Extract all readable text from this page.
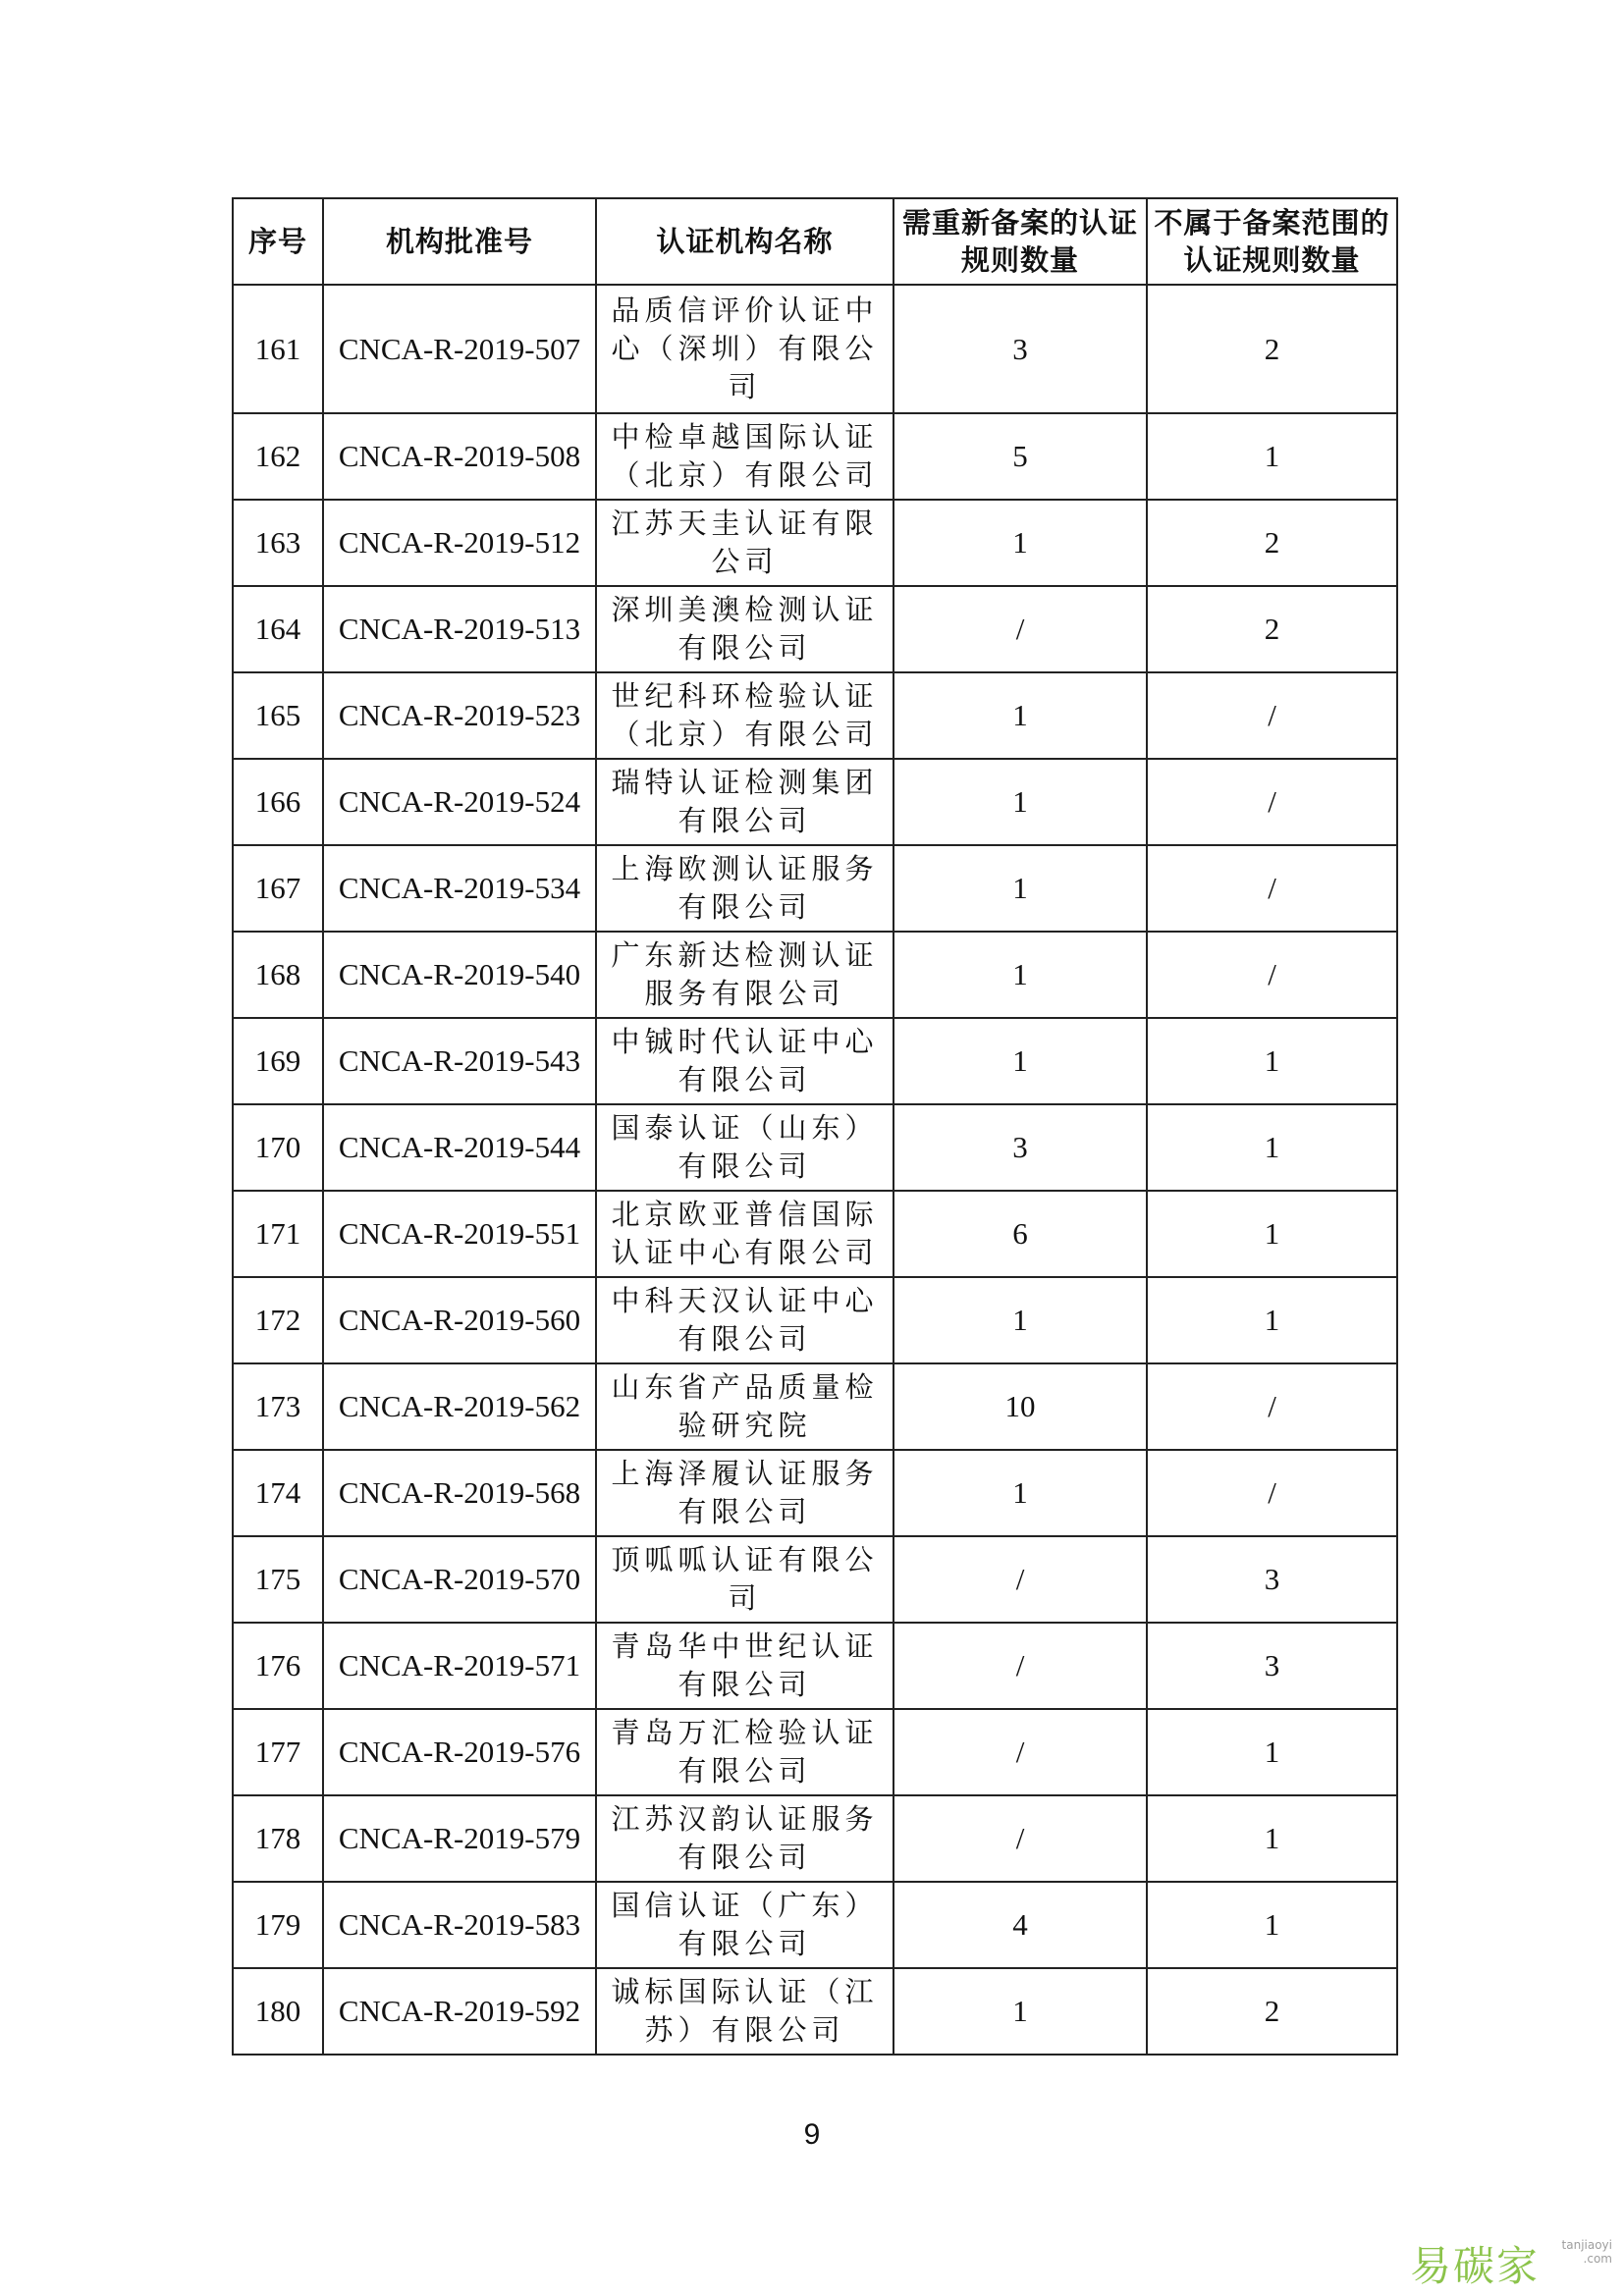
序号	机构批准号	认证机构名称	需重新备案的认证规则数量	不属于备案范围的认证规则数量
161	CNCA-R-2019-507	品质信评价认证中心（深圳）有限公司	3	2
162	CNCA-R-2019-508	中检卓越国际认证（北京）有限公司	5	1
163	CNCA-R-2019-512	江苏天圭认证有限公司	1	2
164	CNCA-R-2019-513	深圳美澳检测认证有限公司	/	2
165	CNCA-R-2019-523	世纪科环检验认证（北京）有限公司	1	/
166	CNCA-R-2019-524	瑞特认证检测集团有限公司	1	/
167	CNCA-R-2019-534	上海欧测认证服务有限公司	1	/
168	CNCA-R-2019-540	广东新达检测认证服务有限公司	1	/
169	CNCA-R-2019-543	中铖时代认证中心有限公司	1	1
170	CNCA-R-2019-544	国泰认证（山东）有限公司	3	1
171	CNCA-R-2019-551	北京欧亚普信国际认证中心有限公司	6	1
172	CNCA-R-2019-560	中科天汉认证中心有限公司	1	1
173	CNCA-R-2019-562	山东省产品质量检验研究院	10	/
174	CNCA-R-2019-568	上海泽履认证服务有限公司	1	/
175	CNCA-R-2019-570	顶呱呱认证有限公司	/	3
176	CNCA-R-2019-571	青岛华中世纪认证有限公司	/	3
177	CNCA-R-2019-576	青岛万汇检验认证有限公司	/	1
178	CNCA-R-2019-579	江苏汉韵认证服务有限公司	/	1
179	CNCA-R-2019-583	国信认证（广东）有限公司	4	1
180	CNCA-R-2019-592	诚标国际认证（江苏）有限公司	1	2
9
易碳家	tanjiaoyi .com
